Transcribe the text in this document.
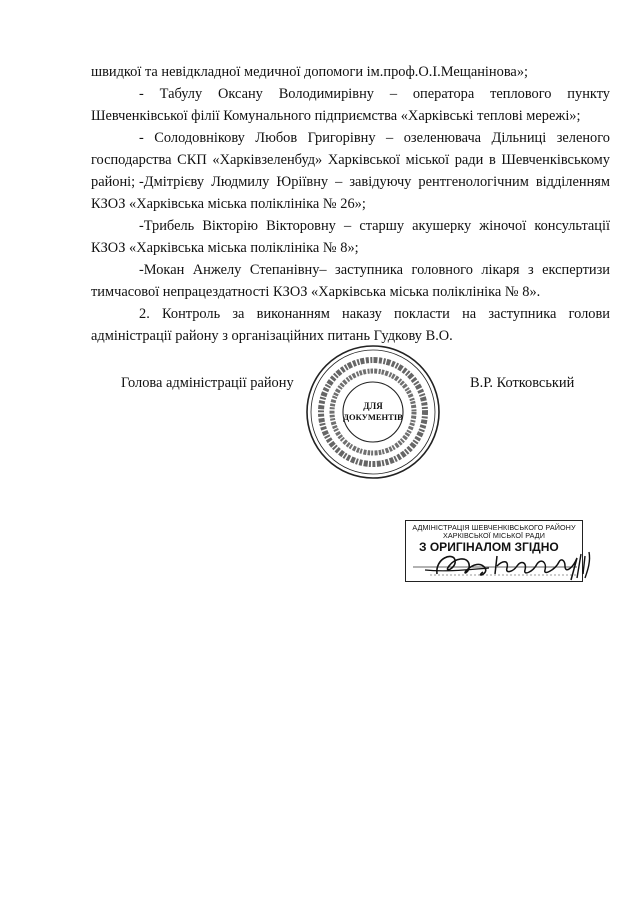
швидкої та невідкладної медичної допомоги ім.проф.О.І.Мещанінова»;

- Табулу Оксану Володимирівну – оператора теплового пункту Шевченківської філії Комунального підприємства «Харківські теплові мережі»;

- Солодовнікову Любов Григорівну – озеленювача Дільниці зеленого господарства СКП «Харківзеленбуд» Харківської міської ради в Шевченківському районі; -Дмітрієву Людмилу Юріївну – завідуючу рентгенологічним відділенням КЗОЗ «Харківська міська поліклініка № 26»;

-Трибель Вікторію Вікторовну – старшу акушерку жіночої консультації КЗОЗ «Харківська міська поліклініка № 8»;

-Мокан Анжелу Степанівну– заступника головного лікаря з експертизи тимчасової непрацездатності КЗОЗ «Харківська міська поліклініка № 8».

2. Контроль за виконанням наказу покласти на заступника голови адміністрації району з організаційних питань Гудкову В.О.

Голова адміністрації району	В.Р. Котковський
ДЛЯ
ДОКУМЕНТІВ
АДМІНІСТРАЦІЯ ШЕВЧЕНКІВСЬКОГО РАЙОНУ
ХАРКІВСЬКОЇ МІСЬКОЇ РАДИ
З ОРИГІНАЛОМ ЗГІДНО
